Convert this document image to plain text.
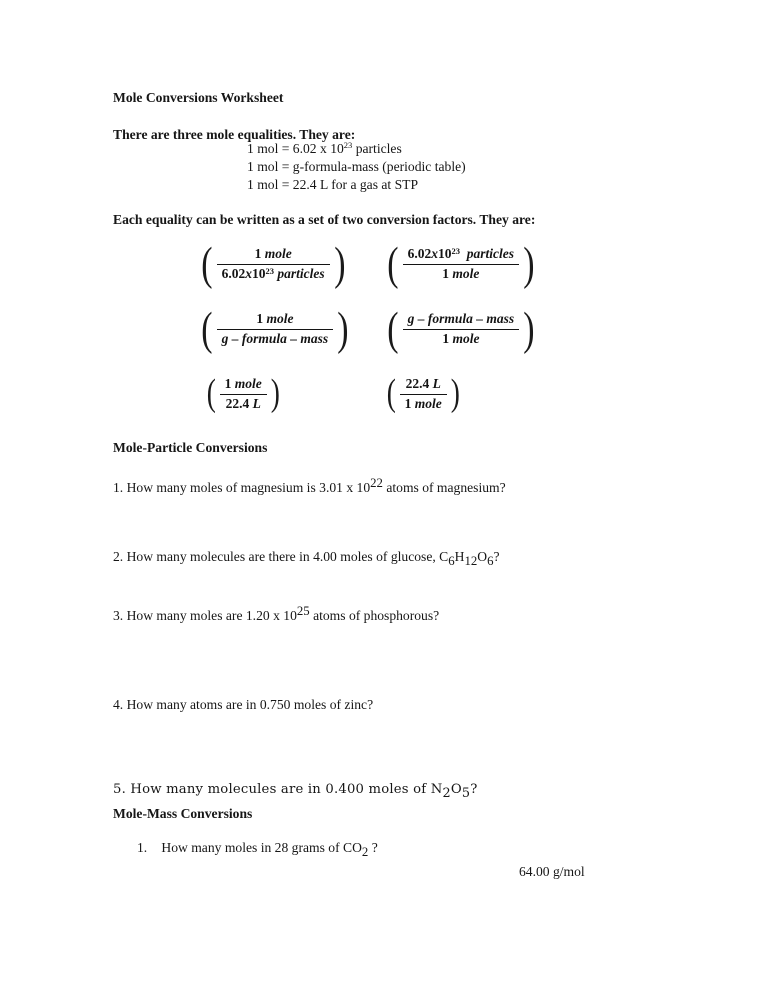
Mole Conversions Worksheet
There are three mole equalities. They are:
1 mol = 6.02 x $10^{23}$ particles
1 mol = g-formula-mass (periodic table)
1 mol = 22.4 L for a gas at STP
Each equality can be written as a set of two conversion factors. They are:
( $\frac{\text{1 mole}}{6.02x10^{23} particles}$ ) ( $\frac{6.02x10^{23} particles}{\text{1 mole}}$ )
( $\frac{\text{1 mole}}{\text{g – formula – mass}}$ ) ( $\frac{\text{g – formula – mass}}{\text{1 mole}}$ )
( $\frac{\text{1 mole}}{22.4 L}$ )	( $\frac{22.4 L}{\text{1 mole}}$ )
Mole-Particle Conversions
1. How many moles of magnesium is 3.01 x $10^{22}$ atoms of magnesium?
2. How many molecules are there in 4.00 moles of glucose, $C_6H_{12}O_6$?
3. How many moles are 1.20 x $10^{25}$ atoms of phosphorous?
4. How many atoms are in 0.750 moles of zinc?
5. How many molecules are in 0.400 moles of $N_2O_5$?
Mole-Mass Conversions
1. How many moles in 28 grams of $CO_2$ ?
64.00 g/mol
